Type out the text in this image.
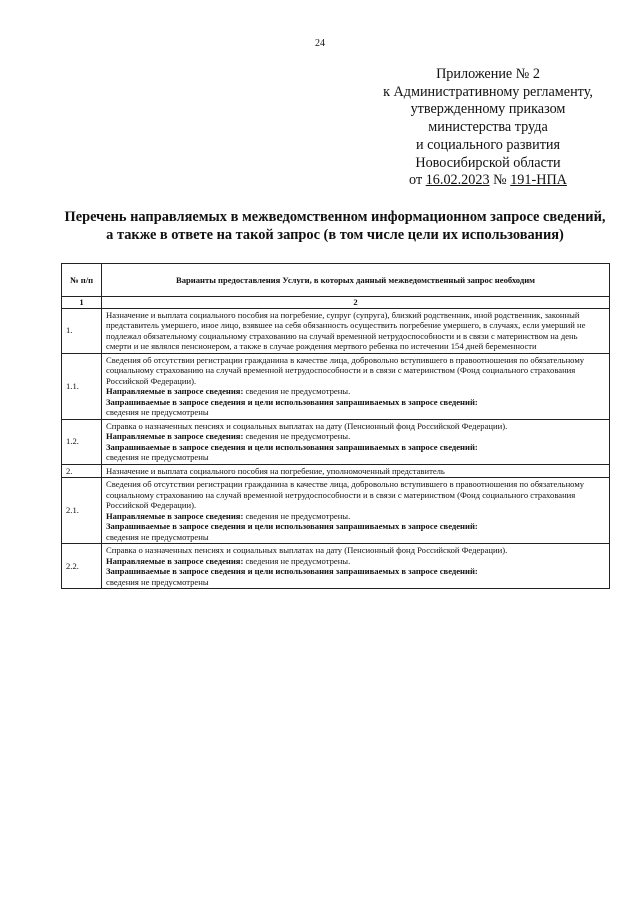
24
Приложение № 2
к Административному регламенту,
утвержденному приказом
министерства труда
и социального развития
Новосибирской области
от 16.02.2023 № 191-НПА
Перечень направляемых в межведомственном информационном запросе сведений, а также в ответе на такой запрос (в том числе цели их использования)
№ п/п	Варианты предоставления Услуги, в которых данный межведомственный запрос необходим
1	2
1.	Назначение и выплата социального пособия на погребение, супруг (супруга), близкий родственник, иной родственник, законный представитель умершего, иное лицо, взявшее на себя обязанность осуществить погребение умершего, в случаях, если умерший не подлежал обязательному социальному страхованию на случай временной нетрудоспособности и в связи с материнством на день смерти и не являлся пенсионером, а также в случае рождения мертвого ребенка по истечении 154 дней беременности
1.1.	Сведения об отсутствии регистрации гражданина в качестве лица, добровольно вступившего в правоотношения по обязательному социальному страхованию на случай временной нетрудоспособности и в связи с материнством (Фонд социального страхования Российской Федерации).
Направляемые в запросе сведения: сведения не предусмотрены.
Запрашиваемые в запросе сведения и цели использования запрашиваемых в запросе сведений:
сведения не предусмотрены

1.2.	Справка о назначенных пенсиях и социальных выплатах на дату (Пенсионный фонд Российской Федерации).
Направляемые в запросе сведения: сведения не предусмотрены.
Запрашиваемые в запросе сведения и цели использования запрашиваемых в запросе сведений:
сведения не предусмотрены

2.	Назначение и выплата социального пособия на погребение, уполномоченный представитель
2.1.	Сведения об отсутствии регистрации гражданина в качестве лица, добровольно вступившего в правоотношения по обязательному социальному страхованию на случай временной нетрудоспособности и в связи с материнством (Фонд социального страхования Российской Федерации).
Направляемые в запросе сведения: сведения не предусмотрены.
Запрашиваемые в запросе сведения и цели использования запрашиваемых в запросе сведений:
сведения не предусмотрены

2.2.	Справка о назначенных пенсиях и социальных выплатах на дату (Пенсионный фонд Российской Федерации).
Направляемые в запросе сведения: сведения не предусмотрены.
Запрашиваемые в запросе сведения и цели использования запрашиваемых в запросе сведений:
сведения не предусмотрены
